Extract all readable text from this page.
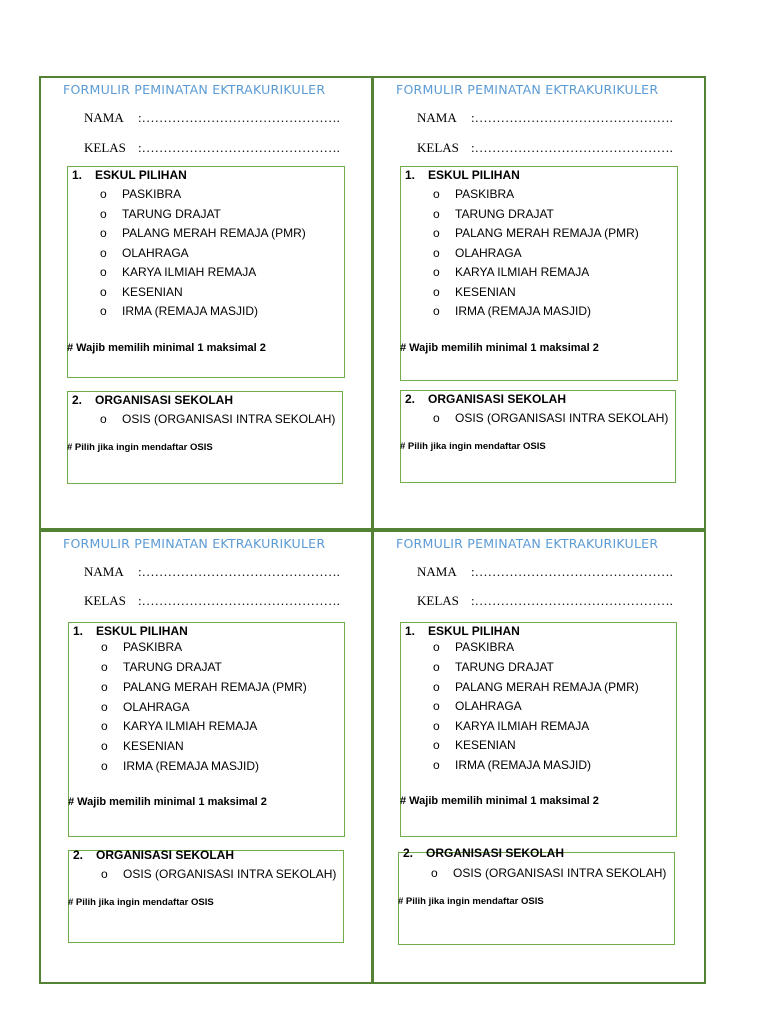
FORMULIR PEMINATAN EKTRAKURIKULER
NAMA :……………………………………….
KELAS :……………………………………….
1. ESKUL PILIHAN
o PASKIBRA
o TARUNG DRAJAT
o PALANG MERAH REMAJA (PMR)
o OLAHRAGA
o KARYA ILMIAH REMAJA
o KESENIAN
o IRMA (REMAJA MASJID)
# Wajib memilih minimal 1 maksimal 2
2. ORGANISASI SEKOLAH
o OSIS (ORGANISASI INTRA SEKOLAH)
# Pilih jika ingin mendaftar OSIS
FORMULIR PEMINATAN EKTRAKURIKULER
NAMA :……………………………………….
KELAS :……………………………………….
1. ESKUL PILIHAN
o PASKIBRA
o TARUNG DRAJAT
o PALANG MERAH REMAJA (PMR)
o OLAHRAGA
o KARYA ILMIAH REMAJA
o KESENIAN
o IRMA (REMAJA MASJID)
# Wajib memilih minimal 1 maksimal 2
2. ORGANISASI SEKOLAH
o OSIS (ORGANISASI INTRA SEKOLAH)
# Pilih jika ingin mendaftar OSIS
FORMULIR PEMINATAN EKTRAKURIKULER
NAMA :……………………………………….
KELAS :……………………………………….
1. ESKUL PILIHAN
o PASKIBRA
o TARUNG DRAJAT
o PALANG MERAH REMAJA (PMR)
o OLAHRAGA
o KARYA ILMIAH REMAJA
o KESENIAN
o IRMA (REMAJA MASJID)
# Wajib memilih minimal 1 maksimal 2
2. ORGANISASI SEKOLAH
o OSIS (ORGANISASI INTRA SEKOLAH)
# Pilih jika ingin mendaftar OSIS
FORMULIR PEMINATAN EKTRAKURIKULER
NAMA :……………………………………….
KELAS :……………………………………….
1. ESKUL PILIHAN
o PASKIBRA
o TARUNG DRAJAT
o PALANG MERAH REMAJA (PMR)
o OLAHRAGA
o KARYA ILMIAH REMAJA
o KESENIAN
o IRMA (REMAJA MASJID)
# Wajib memilih minimal 1 maksimal 2
2. ORGANISASI SEKOLAH
o OSIS (ORGANISASI INTRA SEKOLAH)
# Pilih jika ingin mendaftar OSIS
